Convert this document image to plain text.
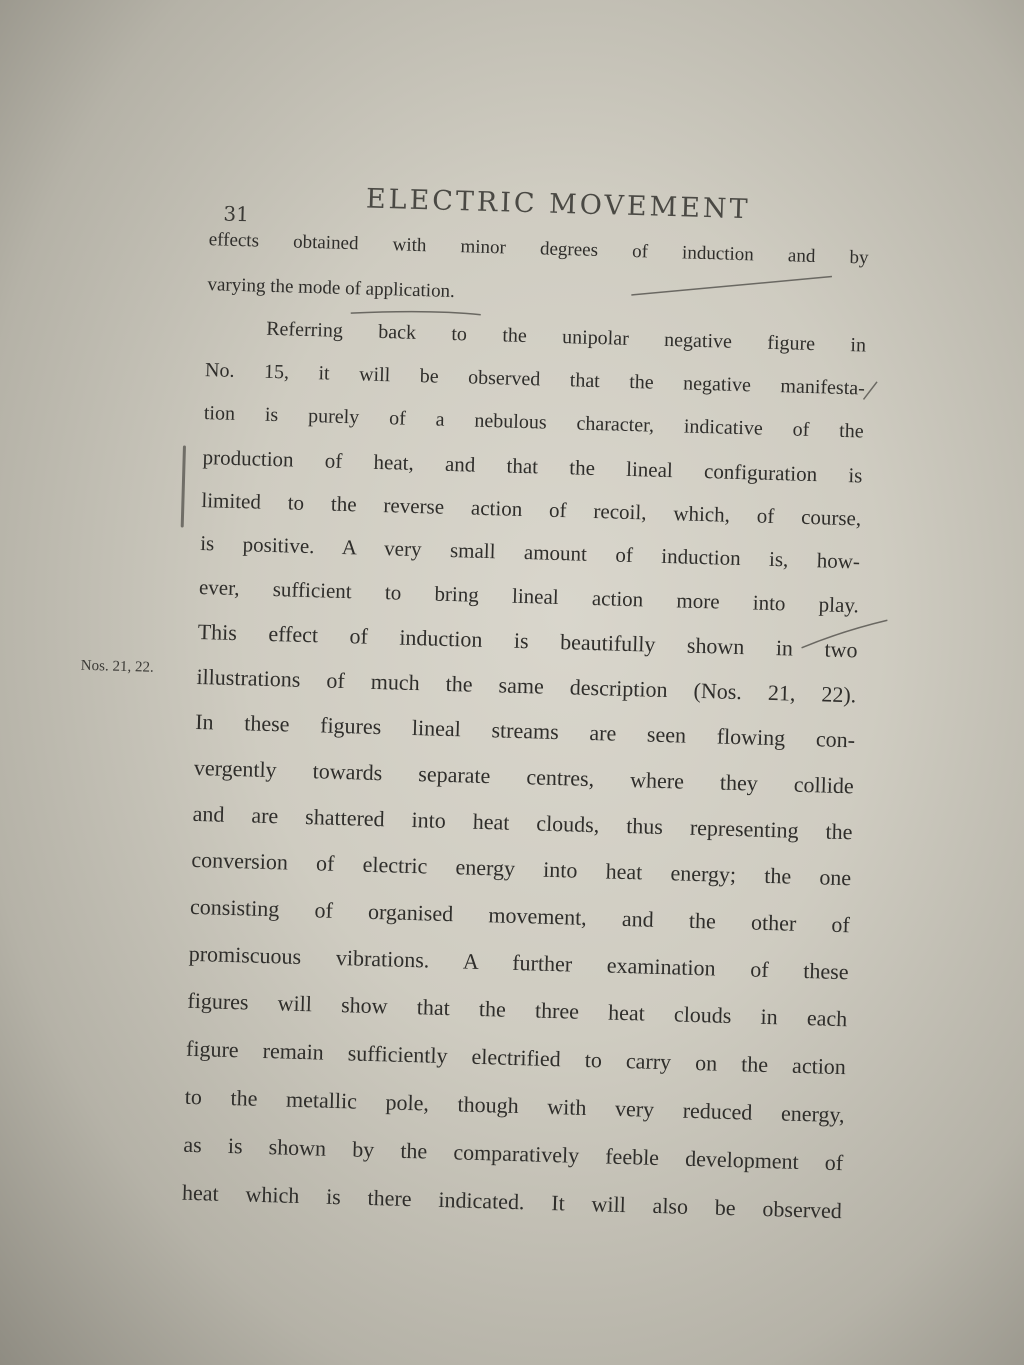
31	ELECTRIC MOVEMENT
Nos. 21, 22.
effects obtained with minor degrees of induction and by
varying the mode of application.
Referring back to the unipolar negative figure in
No. 15, it will be observed that the negative manifesta-
tion is purely of a nebulous character, indicative of the
production of heat, and that the lineal configuration is
limited to the reverse action of recoil, which, of course,
is positive. A very small amount of induction is, how-
ever, sufficient to bring lineal action more into play.
This effect of induction is beautifully shown in two
illustrations of much the same description (Nos. 21, 22).
In these figures lineal streams are seen flowing con-
vergently towards separate centres, where they collide
and are shattered into heat clouds, thus representing the
conversion of electric energy into heat energy; the one
consisting of organised movement, and the other of
promiscuous vibrations. A further examination of these
figures will show that the three heat clouds in each
figure remain sufficiently electrified to carry on the action
to the metallic pole, though with very reduced energy,
as is shown by the comparatively feeble development of
heat which is there indicated. It will also be observed
